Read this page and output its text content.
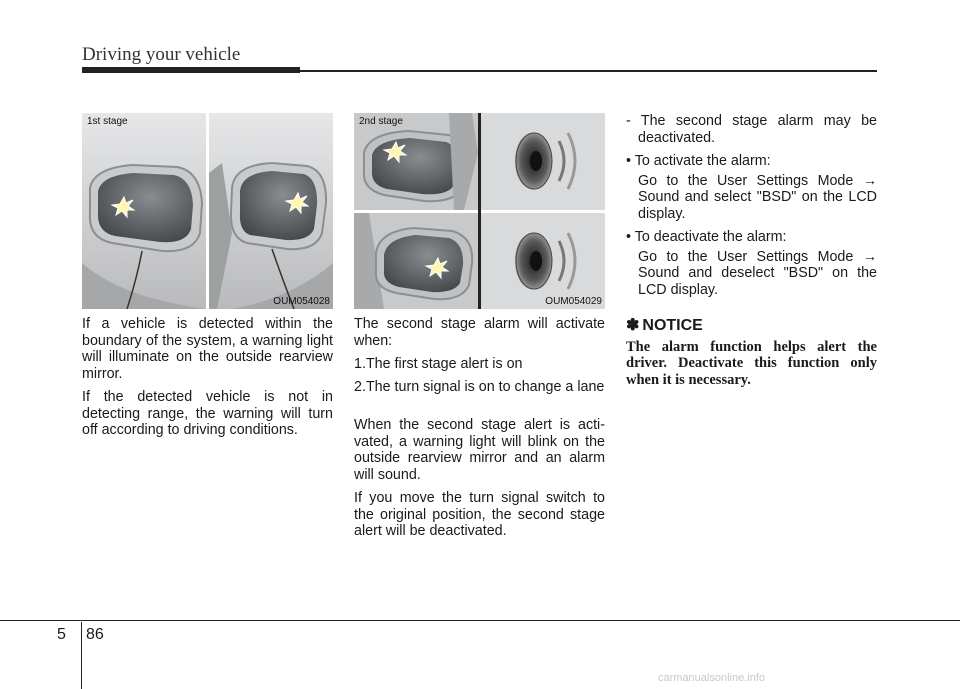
Driving your vehicle
1st stage
OUM054028
2nd stage
OUM054029

If a vehicle is detected within the boundary of the system, a warning light will illuminate on the outside rearview mirror.

If the detected vehicle is not in detecting range, the warning will turn off according to driving conditions.

The second stage alarm will activate when:

1. The first stage alert is on
2. The turn signal is on to change a lane

When the second stage alert is acti- vated, a warning light will blink on the outside rearview mirror and an alarm will sound.

If you move the turn signal switch to the original position, the second stage alert will be deactivated.

- The second stage alarm may be deactivated.

• To activate the alarm:

Go to the User Settings Mode → Sound and select "BSD" on the LCD display.

• To deactivate the alarm:

Go to the User Settings Mode → Sound and deselect "BSD" on the LCD display.

✽ NOTICE
The alarm function helps alert the driver. Deactivate this function only when it is necessary.
5 86
carmanualsonline.info
